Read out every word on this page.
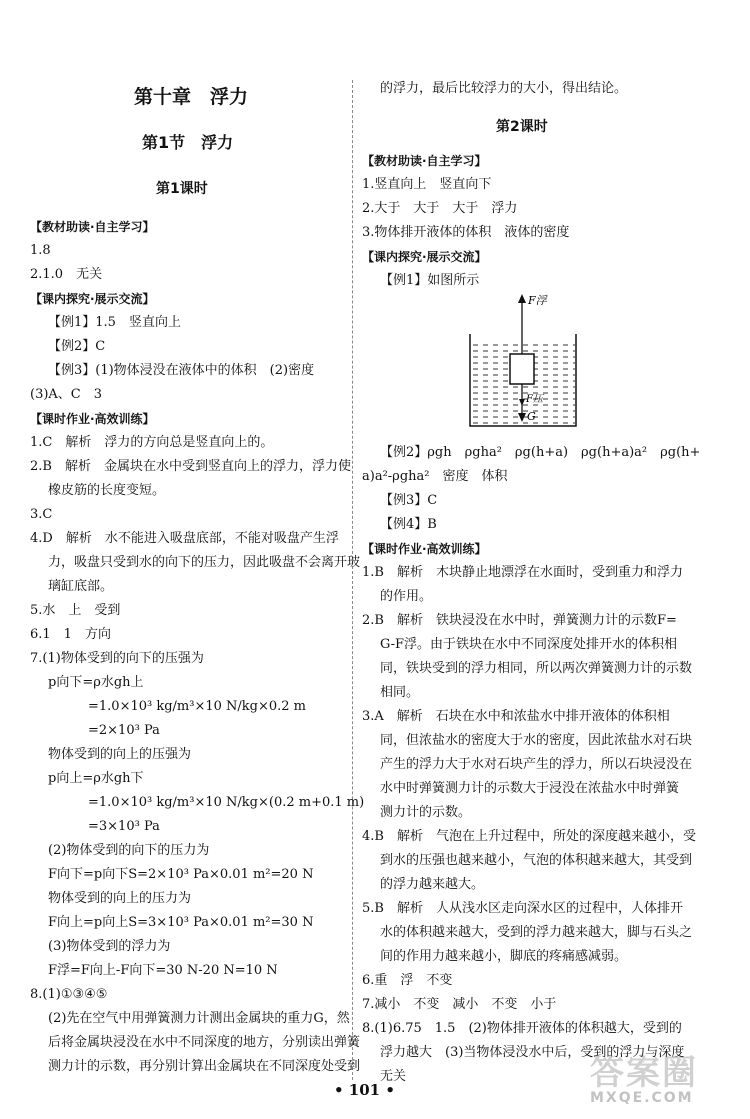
第十章　浮力
第1节　浮力
第1课时
【教材助读·自主学习】
1.8
2.1.0　无关
【课内探究·展示交流】
【例1】1.5　竖直向上
【例2】C
【例3】(1)物体浸没在液体中的体积　(2)密度
(3)A、C　3
【课时作业·高效训练】
1.C　解析　浮力的方向总是竖直向上的。
2.B　解析　金属块在水中受到竖直向上的浮力，浮力使
橡皮筋的长度变短。
3.C
4.D　解析　水不能进入吸盘底部，不能对吸盘产生浮
力，吸盘只受到水的向下的压力，因此吸盘不会离开玻
璃缸底部。
5.水　上　受到
6.1　1　方向
7.(1)物体受到的向下的压强为
p向下=ρ水gh上
=1.0×10³ kg/m³×10 N/kg×0.2 m
=2×10³ Pa
物体受到的向上的压强为
p向上=ρ水gh下
=1.0×10³ kg/m³×10 N/kg×(0.2 m+0.1 m)
=3×10³ Pa
(2)物体受到的向下的压力为
F向下=p向下S=2×10³ Pa×0.01 m²=20 N
物体受到的向上的压力为
F向上=p向上S=3×10³ Pa×0.01 m²=30 N
(3)物体受到的浮力为
F浮=F向上-F向下=30 N-20 N=10 N
8.(1)①③④⑤
(2)先在空气中用弹簧测力计测出金属块的重力G，然
后将金属块浸没在水中不同深度的地方，分别读出弹簧
测力计的示数，再分别计算出金属块在不同深度处受到
的浮力，最后比较浮力的大小，得出结论。
第2课时
【教材助读·自主学习】
1.竖直向上　竖直向下
2.大于　大于　大于　浮力
3.物体排开液体的体积　液体的密度
【课内探究·展示交流】
【例1】如图所示
【例2】ρgh　ρgha²　ρg(h+a)　ρg(h+a)a²　ρg(h+
a)a²-ρgha²　密度　体积
【例3】C
【例4】B
【课时作业·高效训练】
1.B　解析　木块静止地漂浮在水面时，受到重力和浮力
的作用。
2.B　解析　铁块浸没在水中时，弹簧测力计的示数F=
G-F浮。由于铁块在水中不同深度处排开水的体积相
同，铁块受到的浮力相同，所以两次弹簧测力计的示数
相同。
3.A　解析　石块在水中和浓盐水中排开液体的体积相
同，但浓盐水的密度大于水的密度，因此浓盐水对石块
产生的浮力大于水对石块产生的浮力，所以石块浸没在
水中时弹簧测力计的示数大于浸没在浓盐水中时弹簧
测力计的示数。
4.B　解析　气泡在上升过程中，所处的深度越来越小，受
到水的压强也越来越小，气泡的体积越来越大，其受到
的浮力越来越大。
5.B　解析　人从浅水区走向深水区的过程中，人体排开
水的体积越来越大，受到的浮力越来越大，脚与石头之
间的作用力越来越小，脚底的疼痛感减弱。
6.重　浮　不变
7.减小　不变　减小　不变　小于
8.(1)6.75　1.5　(2)物体排开液体的体积越大，受到的
浮力越大　(3)当物体浸没水中后，受到的浮力与深度
无关
F浮
F压
G
• 101 •	答案圈
MXQE.COM
